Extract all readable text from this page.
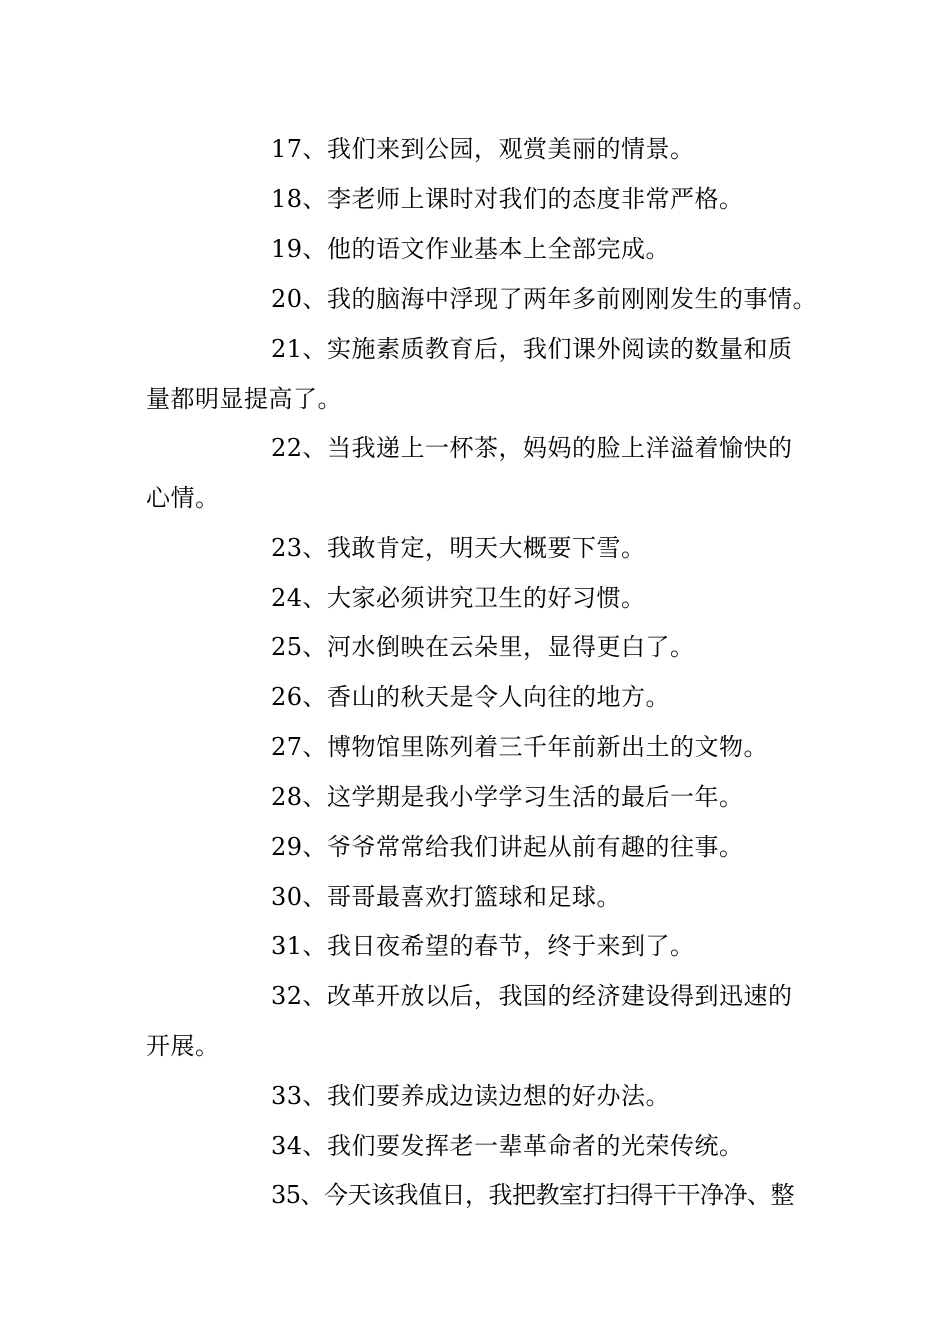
17、我们来到公园，观赏美丽的情景。
18、李老师上课时对我们的态度非常严格。
19、他的语文作业基本上全部完成。
20、我的脑海中浮现了两年多前刚刚发生的事情。
21、实施素质教育后，我们课外阅读的数量和质
量都明显提高了。
22、当我递上一杯茶，妈妈的脸上洋溢着愉快的
心情。
23、我敢肯定，明天大概要下雪。
24、大家必须讲究卫生的好习惯。
25、河水倒映在云朵里，显得更白了。
26、香山的秋天是令人向往的地方。
27、博物馆里陈列着三千年前新出土的文物。
28、这学期是我小学学习生活的最后一年。
29、爷爷常常给我们讲起从前有趣的往事。
30、哥哥最喜欢打篮球和足球。
31、我日夜希望的春节，终于来到了。
32、改革开放以后，我国的经济建设得到迅速的
开展。
33、我们要养成边读边想的好办法。
34、我们要发挥老一辈革命者的光荣传统。
35、今天该我值日，我把教室打扫得干干净净、整
